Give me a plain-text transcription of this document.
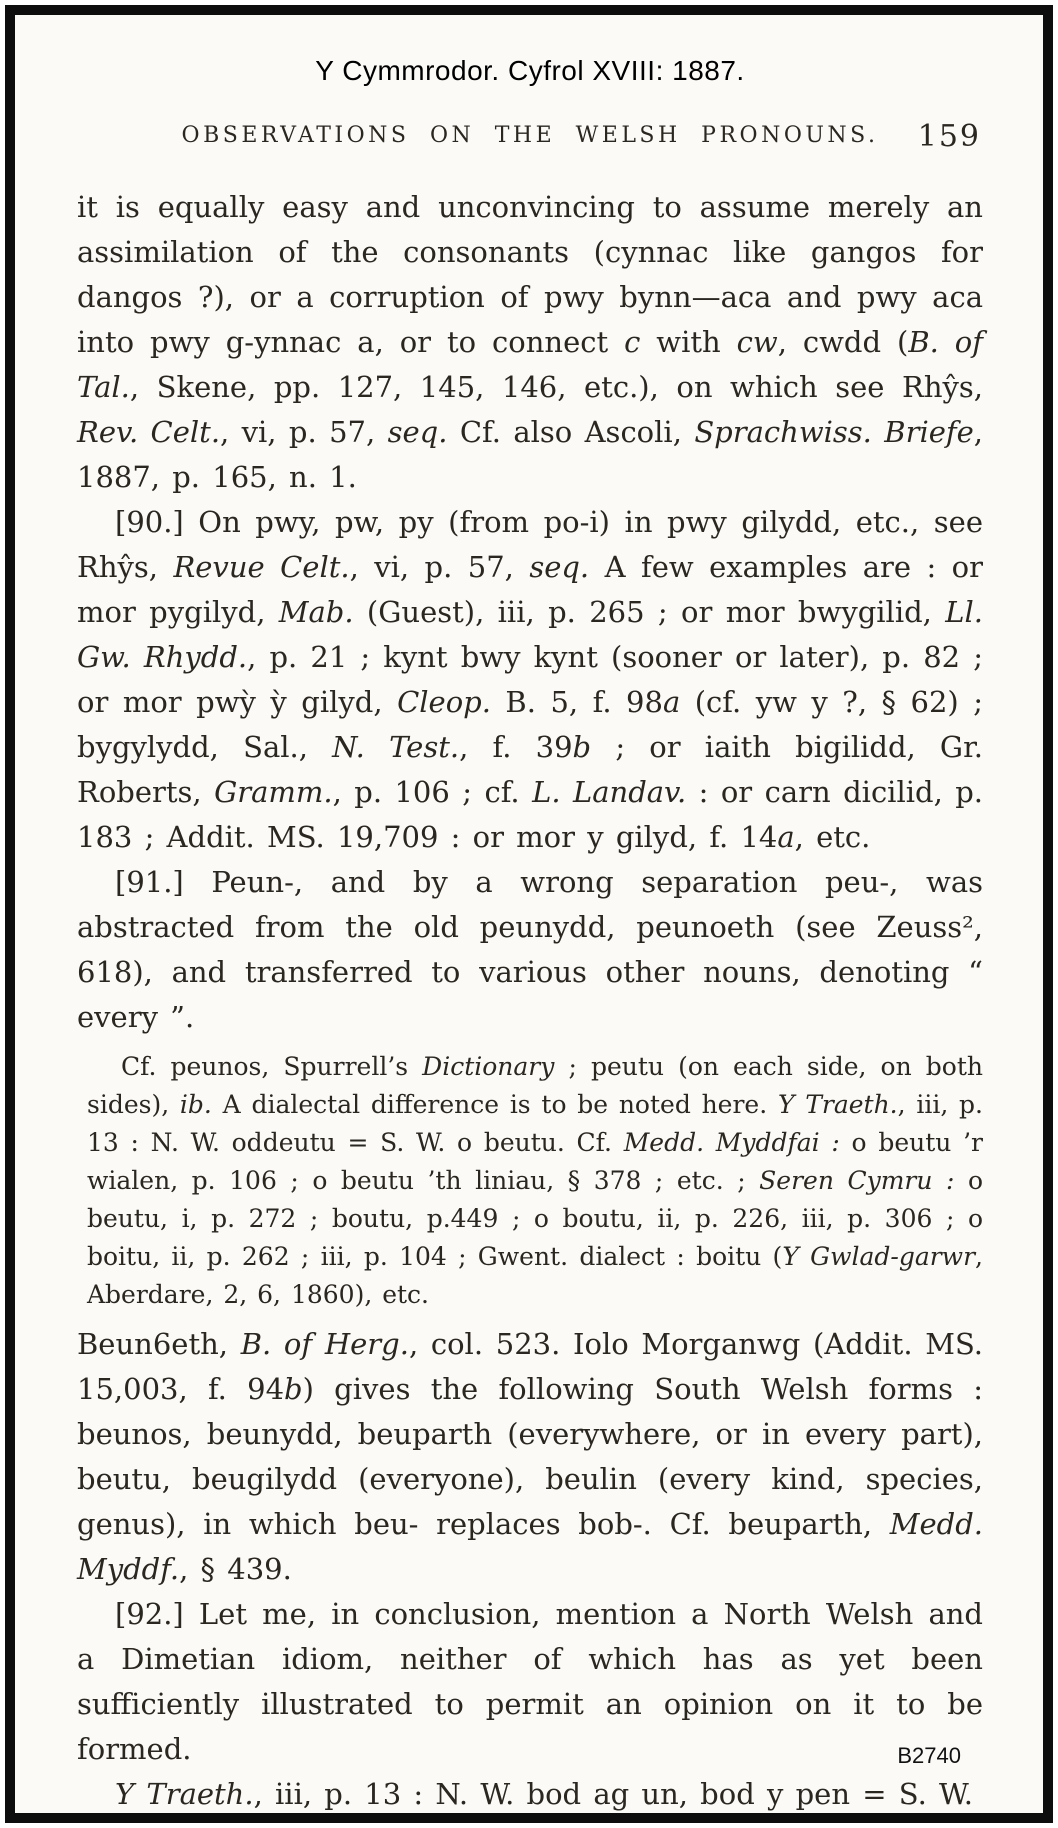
Y Cymmrodor. Cyfrol XVIII: 1887.
OBSERVATIONS ON THE WELSH PRONOUNS. 159

it is equally easy and unconvincing to assume merely an assimilation of the consonants (cynnac like gangos for dangos ?), or a corruption of pwy bynn—aca and pwy aca into pwy g-ynnac a, or to connect c with cw, cwdd (B. of Tal., Skene, pp. 127, 145, 146, etc.), on which see Rhŷs, Rev. Celt., vi, p. 57, seq. Cf. also Ascoli, Sprachwiss. Briefe, 1887, p. 165, n. 1.

[90.] On pwy, pw, py (from po-i) in pwy gilydd, etc., see Rhŷs, Revue Celt., vi, p. 57, seq. A few examples are : or mor pygilyd, Mab. (Guest), iii, p. 265 ; or mor bwygilid, Ll. Gw. Rhydd., p. 21 ; kynt bwy kynt (sooner or later), p. 82 ; or mor pwỳ ỳ gilyd, Cleop. B. 5, f. 98a (cf. yw y ?, § 62) ; bygylydd, Sal., N. Test., f. 39b ; or iaith bigilidd, Gr. Roberts, Gramm., p. 106 ; cf. L. Landav. : or carn dicilid, p. 183 ; Addit. MS. 19,709 : or mor y gilyd, f. 14a, etc.

[91.] Peun-, and by a wrong separation peu-, was abstracted from the old peunydd, peunoeth (see Zeuss², 618), and transferred to various other nouns, denoting “ every ”.

Cf. peunos, Spurrell’s Dictionary ; peutu (on each side, on both sides), ib. A dialectal difference is to be noted here. Y Traeth., iii, p. 13 : N. W. oddeutu = S. W. o beutu. Cf. Medd. Myddfai : o beutu ’r wialen, p. 106 ; o beutu ’th liniau, § 378 ; etc. ; Seren Cymru : o beutu, i, p. 272 ; boutu, p.449 ; o boutu, ii, p. 226, iii, p. 306 ; o boitu, ii, p. 262 ; iii, p. 104 ; Gwent. dialect : boitu (Y Gwlad-garwr, Aberdare, 2, 6, 1860), etc.

Beun6eth, B. of Herg., col. 523. Iolo Morganwg (Addit. MS. 15,003, f. 94b) gives the following South Welsh forms : beunos, beunydd, beuparth (everywhere, or in every part), beutu, beugilydd (everyone), beulin (every kind, species, genus), in which beu- replaces bob-. Cf. beuparth, Medd. Myddf., § 439.

[92.] Let me, in conclusion, mention a North Welsh and a Dimetian idiom, neither of which has as yet been sufficiently illustrated to permit an opinion on it to be formed.

Y Traeth., iii, p. 13 : N. W. bod ag un, bod y pen = S. W.

B2740
